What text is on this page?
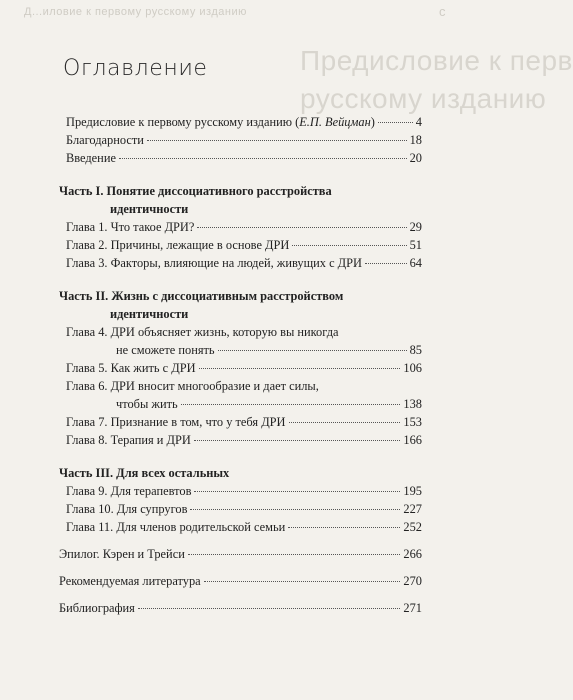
Д...иловие к первому русскому изданию	с
Предисловие к перв
русскому изданию
Оглавление
Предисловие к первому русскому изданию (Е.П. Вейцман)	4
Благодарности	18
Введение	20
Часть I. Понятие диссоциативного расстройства
идентичности
Глава 1. Что такое ДРИ?	29
Глава 2. Причины, лежащие в основе ДРИ	51
Глава 3. Факторы, влияющие на людей, живущих с ДРИ	64
Часть II. Жизнь с диссоциативным расстройством
идентичности
Глава 4. ДРИ объясняет жизнь, которую вы никогда
не сможете понять	85
Глава 5. Как жить с ДРИ	106
Глава 6. ДРИ вносит многообразие и дает силы,
чтобы жить	138
Глава 7. Признание в том, что у тебя ДРИ	153
Глава 8. Терапия и ДРИ	166
Часть III. Для всех остальных
Глава 9. Для терапевтов	195
Глава 10. Для супругов	227
Глава 11. Для членов родительской семьи	252
Эпилог. Кэрен и Трейси	266
Рекомендуемая литература	270
Библиография	271
